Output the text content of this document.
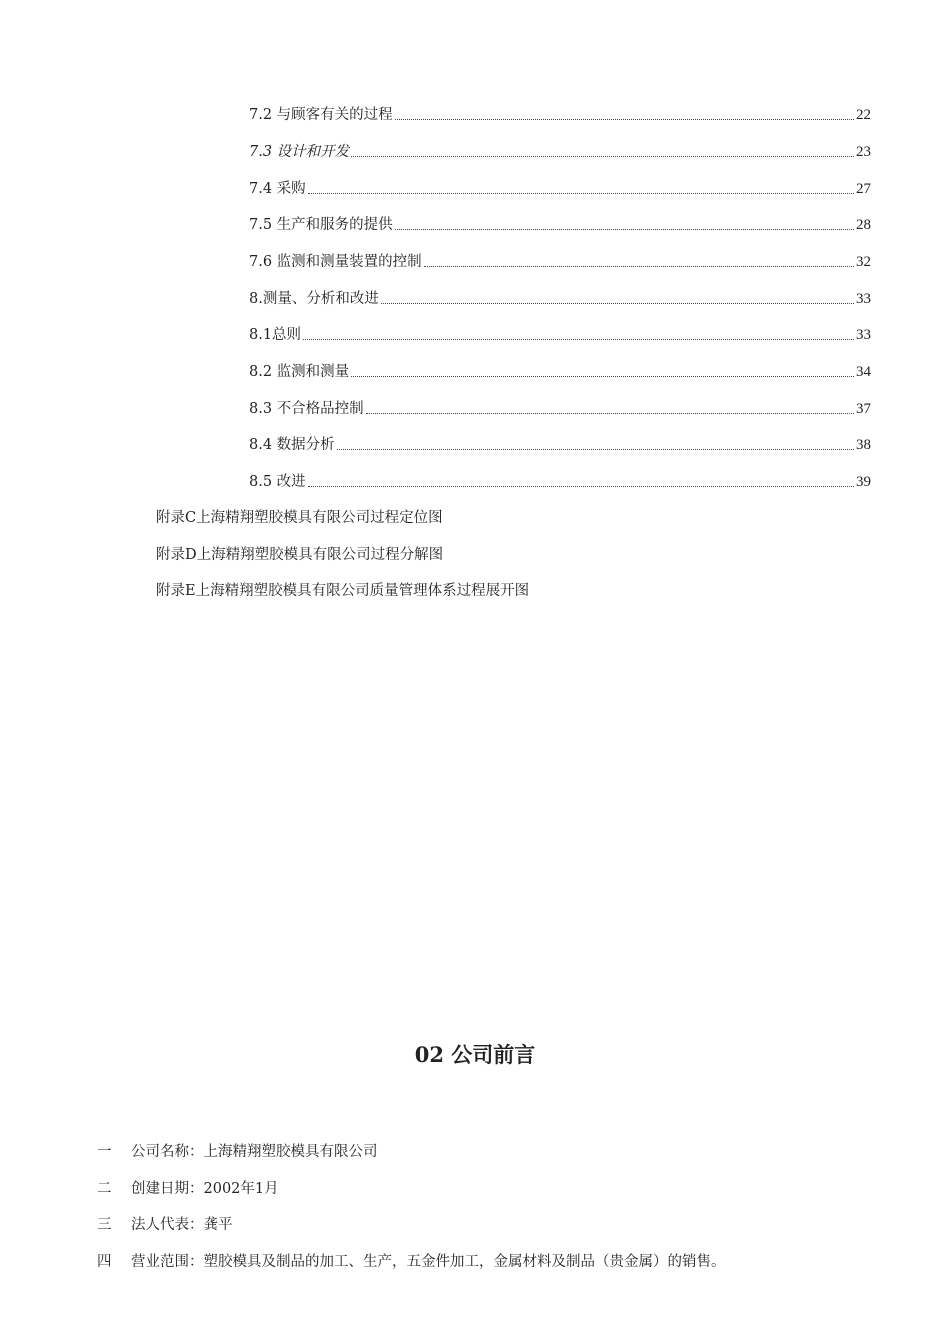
7.2 与顾客有关的过程	22
7.3 设计和开发	23
7.4 采购	27
7.5 生产和服务的提供	28
7.6 监测和测量装置的控制	32
8.测量、分析和改进	33
8.1总则	33
8.2 监测和测量	34
8.3 不合格品控制	37
8.4 数据分析	38
8.5 改进	39
附录C上海精翔塑胶模具有限公司过程定位图
附录D上海精翔塑胶模具有限公司过程分解图
附录E上海精翔塑胶模具有限公司质量管理体系过程展开图
02 公司前言
一	公司名称： 上海精翔塑胶模具有限公司
二	创建日期： 2002年1月
三	法人代表： 龚平
四	营业范围： 塑胶模具及制品的加工、生产，五金件加工，金属材料及制品（贵金属）的销售。
